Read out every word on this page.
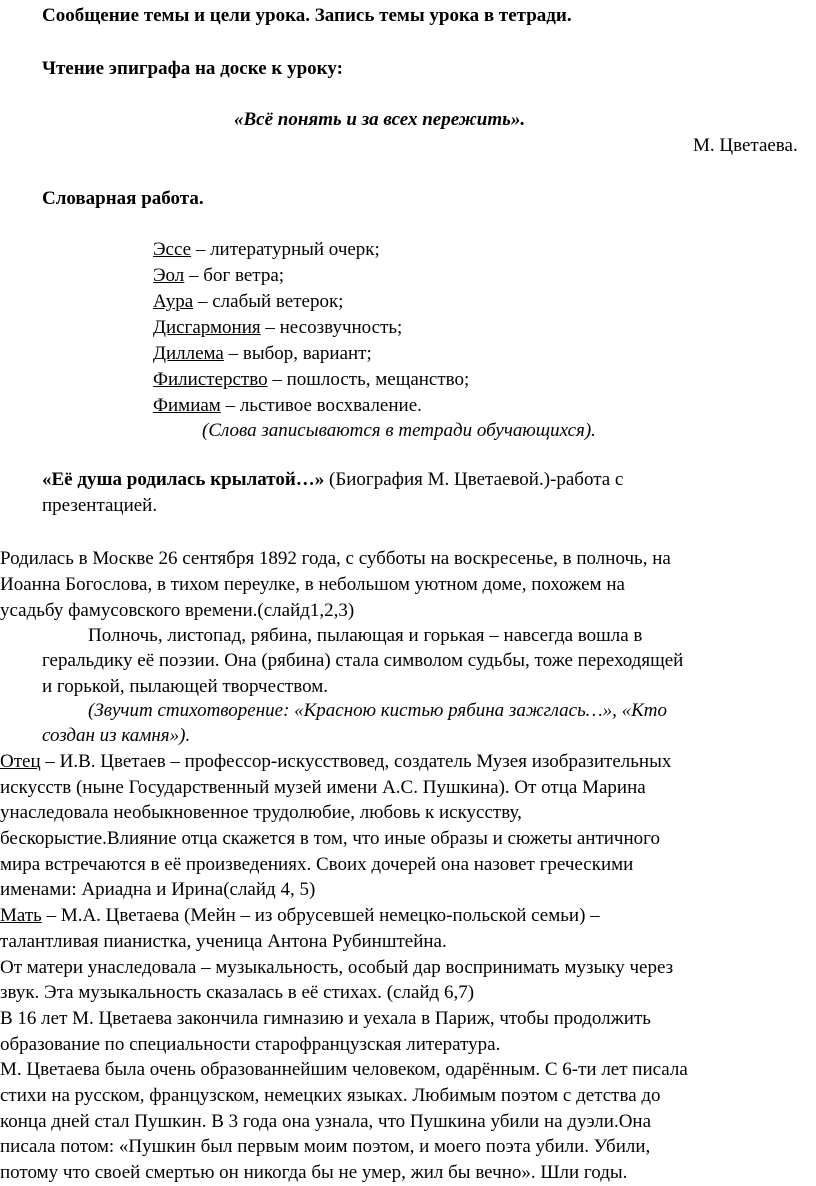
Сообщение темы и цели урока. Запись темы урока в тетради.
Чтение эпиграфа на доске к уроку:
«Всё понять и за всех пережить».
М. Цветаева.
Словарная работа.
Эссе – литературный очерк;
Эол – бог ветра;
Аура – слабый ветерок;
Дисгармония – несозвучность;
Диллема – выбор, вариант;
Филистерство – пошлость, мещанство;
Фимиам – льстивое восхваление.
(Слова записываются в тетради обучающихся).
«Её душа родилась крылатой…» (Биография М. Цветаевой.)-работа с
презентацией.
Родилась в Москве 26 сентября 1892 года, с субботы на воскресенье, в полночь, на
Иоанна Богослова, в тихом переулке, в небольшом уютном доме, похожем на
усадьбу фамусовского времени.(слайд1,2,3)
Полночь, листопад, рябина, пылающая и горькая – навсегда вошла в
геральдику её поэзии. Она (рябина) стала символом судьбы, тоже переходящей
и горькой, пылающей творчеством.
(Звучит стихотворение: «Красною кистью рябина зажглась…», «Кто
создан из камня»).
Отец – И.В. Цветаев – профессор-искусствовед, создатель Музея изобразительных
искусств (ныне Государственный музей имени А.С. Пушкина). От отца Марина
унаследовала необыкновенное трудолюбие, любовь к искусству,
бескорыстие.Влияние отца скажется в том, что иные образы и сюжеты античного
мира встречаются в её произведениях. Своих дочерей она назовет греческими
именами: Ариадна и Ирина(слайд 4, 5)
Мать – М.А. Цветаева (Мейн – из обрусевшей немецко-польской семьи) –
талантливая пианистка, ученица Антона Рубинштейна.
От матери унаследовала – музыкальность, особый дар воспринимать музыку через
звук. Эта музыкальность сказалась в её стихах. (слайд 6,7)
В 16 лет М. Цветаева закончила гимназию и уехала в Париж, чтобы продолжить
образование по специальности старофранцузская литература.
М. Цветаева была очень образованнейшим человеком, одарённым. С 6-ти лет писала
стихи на русском, французском, немецких языках. Любимым поэтом с детства до
конца дней стал Пушкин. В 3 года она узнала, что Пушкина убили на дуэли.Она
писала потом: «Пушкин был первым моим поэтом, и моего поэта убили. Убили,
потому что своей смертью он никогда бы не умер, жил бы вечно». Шли годы.
